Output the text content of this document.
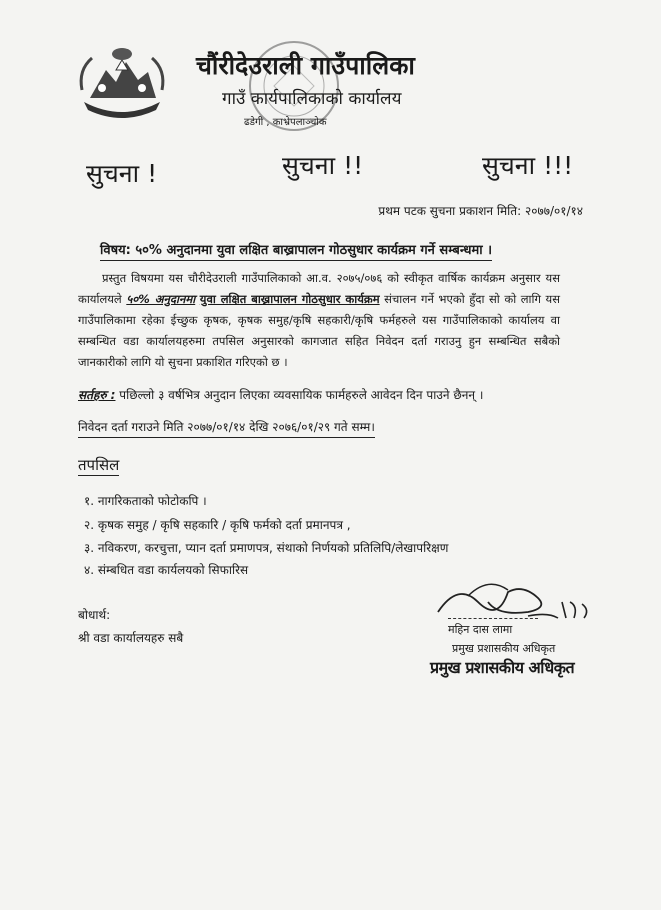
चौंरीदेउराली गाउँपालिका
गाउँ कार्यपालिकाको कार्यालय
ढडेगी , काभ्रेपलाञ्चोक
सुचना !	सुचना !!	सुचना !!!
प्रथम पटक सुचना प्रकाशन मिति: २०७७/०१/१४
विषय: ५०% अनुदानमा युवा लक्षित बाख्रापालन गोठसुधार कार्यक्रम गर्ने सम्बन्धमा ।
प्रस्तुत विषयमा यस चौरीदेउराली गाउँपालिकाको आ.व. २०७५/०७६ को स्वीकृत वार्षिक कार्यक्रम अनुसार यस कार्यालयले ५०% अनुदानमा युवा लक्षित बाख्रापालन गोठसुधार कार्यक्रम संचालन गर्ने भएको हुँदा सो को लागि यस गाउँपालिकामा रहेका ईच्छुक कृषक, कृषक समुह/कृषि सहकारी/कृषि फर्महरुले यस गाउँपालिकाको कार्यालय वा सम्बन्धित वडा कार्यालयहरुमा तपसिल अनुसारको कागजात सहित निवेदन दर्ता गराउनु हुन सम्बन्धित सबैको जानकारीको लागि यो सुचना प्रकाशित गरिएको छ ।
सर्तहरु : पछिल्लो ३ वर्षभित्र अनुदान लिएका व्यवसायिक फार्महरुले आवेदन दिन पाउने छैनन् ।
निवेदन दर्ता गराउने मिति २०७७/०१/१४ देखि २०७६/०१/२९ गते सम्म।
तपसिल
१. नागरिकताको फोटोकपि ।
२. कृषक समुह / कृषि सहकारि / कृषि फर्मको दर्ता प्रमानपत्र ,
३. नविकरण, करचुत्ता, प्यान दर्ता प्रमाणपत्र, संथाको निर्णयको प्रतिलिपि/लेखापरिक्षण
४. संम्बधित वडा कार्यलयको सिफारिस
बोधार्थ:
श्री वडा कार्यालयहरु सबै
महिन दास लामा
प्रमुख प्रशासकीय अधिकृत
प्रमुख प्रशासकीय अधिकृत
